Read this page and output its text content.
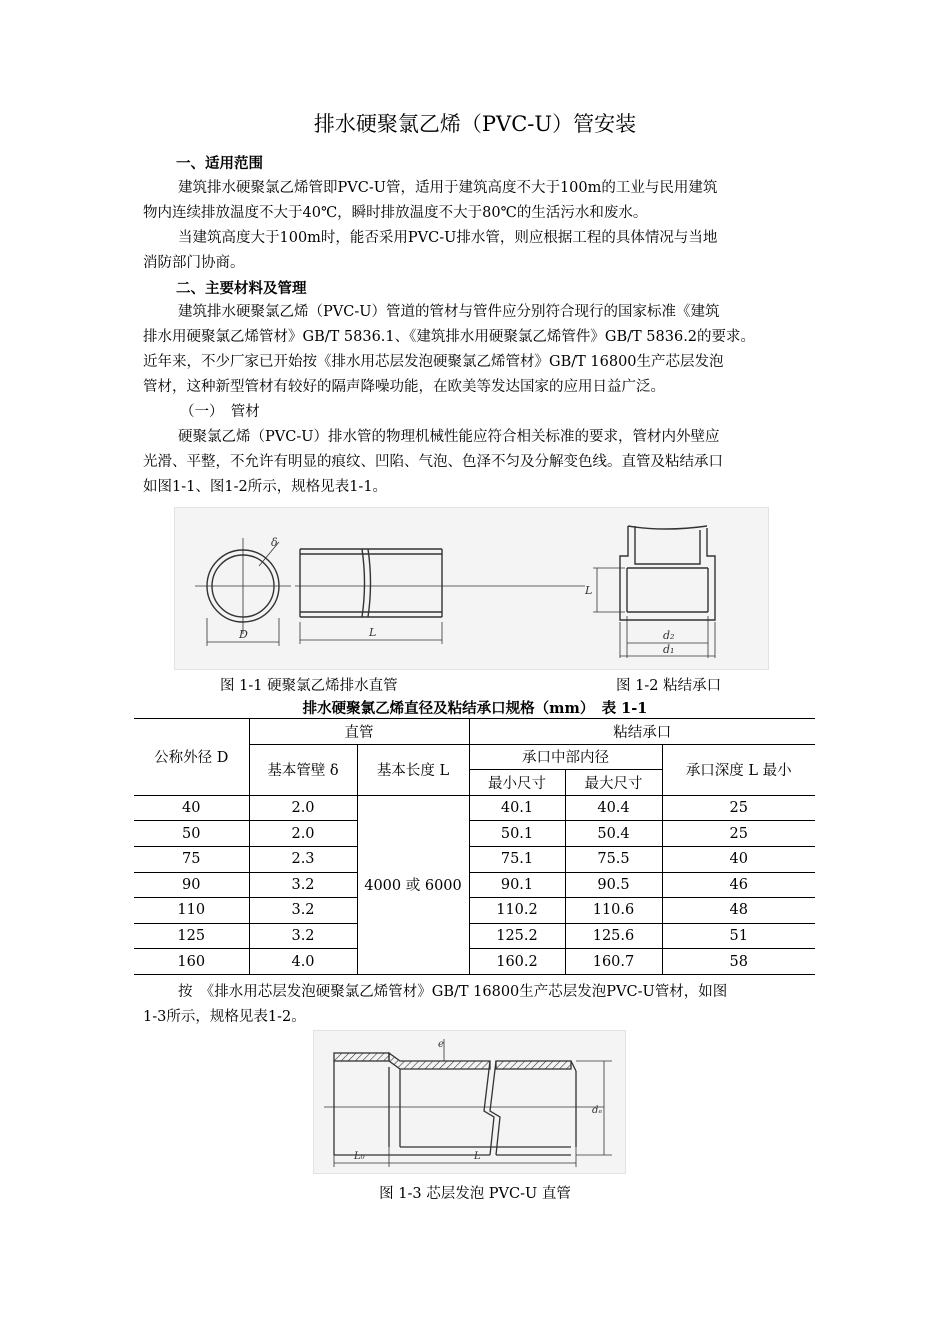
排水硬聚氯乙烯（PVC-U）管安装
一、适用范围
建筑排水硬聚氯乙烯管即PVC-U管，适用于建筑高度不大于100m的工业与民用建筑
物内连续排放温度不大于40℃，瞬时排放温度不大于80℃的生活污水和废水。
当建筑高度大于100m时，能否采用PVC-U排水管，则应根据工程的具体情况与当地
消防部门协商。
二、主要材料及管理
建筑排水硬聚氯乙烯（PVC-U）管道的管材与管件应分别符合现行的国家标准《建筑
排水用硬聚氯乙烯管材》GB/T 5836.1、《建筑排水用硬聚氯乙烯管件》GB/T 5836.2的要求。
近年来，不少厂家已开始按《排水用芯层发泡硬聚氯乙烯管材》GB/T 16800生产芯层发泡
管材，这种新型管材有较好的隔声降噪功能，在欧美等发达国家的应用日益广泛。
（一）　管材
硬聚氯乙烯（PVC-U）排水管的物理机械性能应符合相关标准的要求，管材内外壁应
光滑、平整，不允许有明显的痕纹、凹陷、气泡、色泽不匀及分解变色线。直管及粘结承口
如图1-1、图1-2所示，规格见表1-1。
δ
D	L
L
d₂
d₁
图 1-1 硬聚氯乙烯排水直管	图 1-2 粘结承口
排水硬聚氯乙烯直径及粘结承口规格（mm）　表 1-1
公称外径 D	直管		粘结承口		
	基本管壁 δ	基本长度 L	承口中部内径		承口深度 L 最小
			最小尺寸	最大尺寸	
40	2.0	4000 或 6000	40.1	40.4	25
50	2.0		50.1	50.4	25
75	2.3		75.1	75.5	40
90	3.2		90.1	90.5	46
110	3.2		110.2	110.6	48
125	3.2		125.2	125.6	51
160	4.0		160.2	160.7	58
按　《排水用芯层发泡硬聚氯乙烯管材》GB/T 16800生产芯层发泡PVC-U管材，如图
1-3所示，规格见表1-2。
e
dₑ
L₀	L
图 1-3 芯层发泡 PVC-U 直管
